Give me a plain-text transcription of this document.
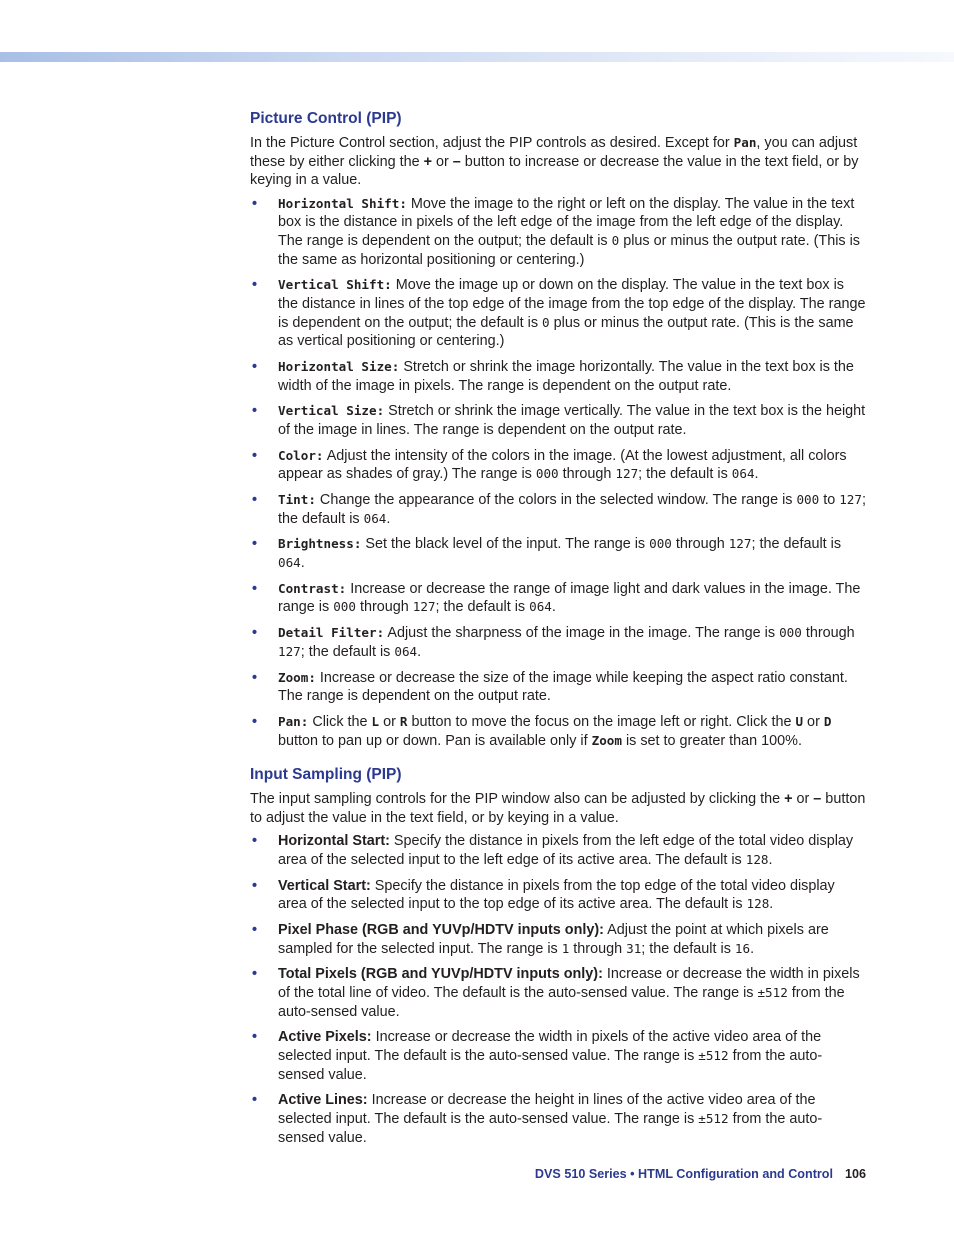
Picture Control (PIP)

In the Picture Control section, adjust the PIP controls as desired. Except for Pan, you can adjust these by either clicking the + or – button to increase or decrease the value in the text field, or by keying in a value.

• Horizontal Shift: Move the image to the right or left on the display. The value in the text box is the distance in pixels of the left edge of the image from the left edge of the display. The range is dependent on the output; the default is 0 plus or minus the output rate. (This is the same as horizontal positioning or centering.)
• Vertical Shift: Move the image up or down on the display. The value in the text box is the distance in lines of the top edge of the image from the top edge of the display. The range is dependent on the output; the default is 0 plus or minus the output rate. (This is the same as vertical positioning or centering.)
• Horizontal Size: Stretch or shrink the image horizontally. The value in the text box is the width of the image in pixels. The range is dependent on the output rate.
• Vertical Size: Stretch or shrink the image vertically. The value in the text box is the height of the image in lines. The range is dependent on the output rate.
• Color: Adjust the intensity of the colors in the image. (At the lowest adjustment, all colors appear as shades of gray.) The range is 000 through 127; the default is 064.
• Tint: Change the appearance of the colors in the selected window. The range is 000 to 127; the default is 064.
• Brightness: Set the black level of the input. The range is 000 through 127; the default is 064.
• Contrast: Increase or decrease the range of image light and dark values in the image. The range is 000 through 127; the default is 064.
• Detail Filter: Adjust the sharpness of the image in the image. The range is 000 through 127; the default is 064.
• Zoom: Increase or decrease the size of the image while keeping the aspect ratio constant. The range is dependent on the output rate.
• Pan: Click the L or R button to move the focus on the image left or right. Click the U or D button to pan up or down. Pan is available only if Zoom is set to greater than 100%.
Input Sampling (PIP)

The input sampling controls for the PIP window also can be adjusted by clicking the + or – button to adjust the value in the text field, or by keying in a value.

• Horizontal Start: Specify the distance in pixels from the left edge of the total video display area of the selected input to the left edge of its active area. The default is 128.
• Vertical Start: Specify the distance in pixels from the top edge of the total video display area of the selected input to the top edge of its active area. The default is 128.
• Pixel Phase (RGB and YUVp/HDTV inputs only): Adjust the point at which pixels are sampled for the selected input. The range is 1 through 31; the default is 16.
• Total Pixels (RGB and YUVp/HDTV inputs only): Increase or decrease the width in pixels of the total line of video. The default is the auto-sensed value. The range is ±512 from the auto-sensed value.
• Active Pixels: Increase or decrease the width in pixels of the active video area of the selected input. The default is the auto-sensed value. The range is ±512 from the auto-sensed value.
• Active Lines: Increase or decrease the height in lines of the active video area of the selected input. The default is the auto-sensed value. The range is ±512 from the auto-sensed value.
DVS 510 Series • HTML Configuration and Control 106
